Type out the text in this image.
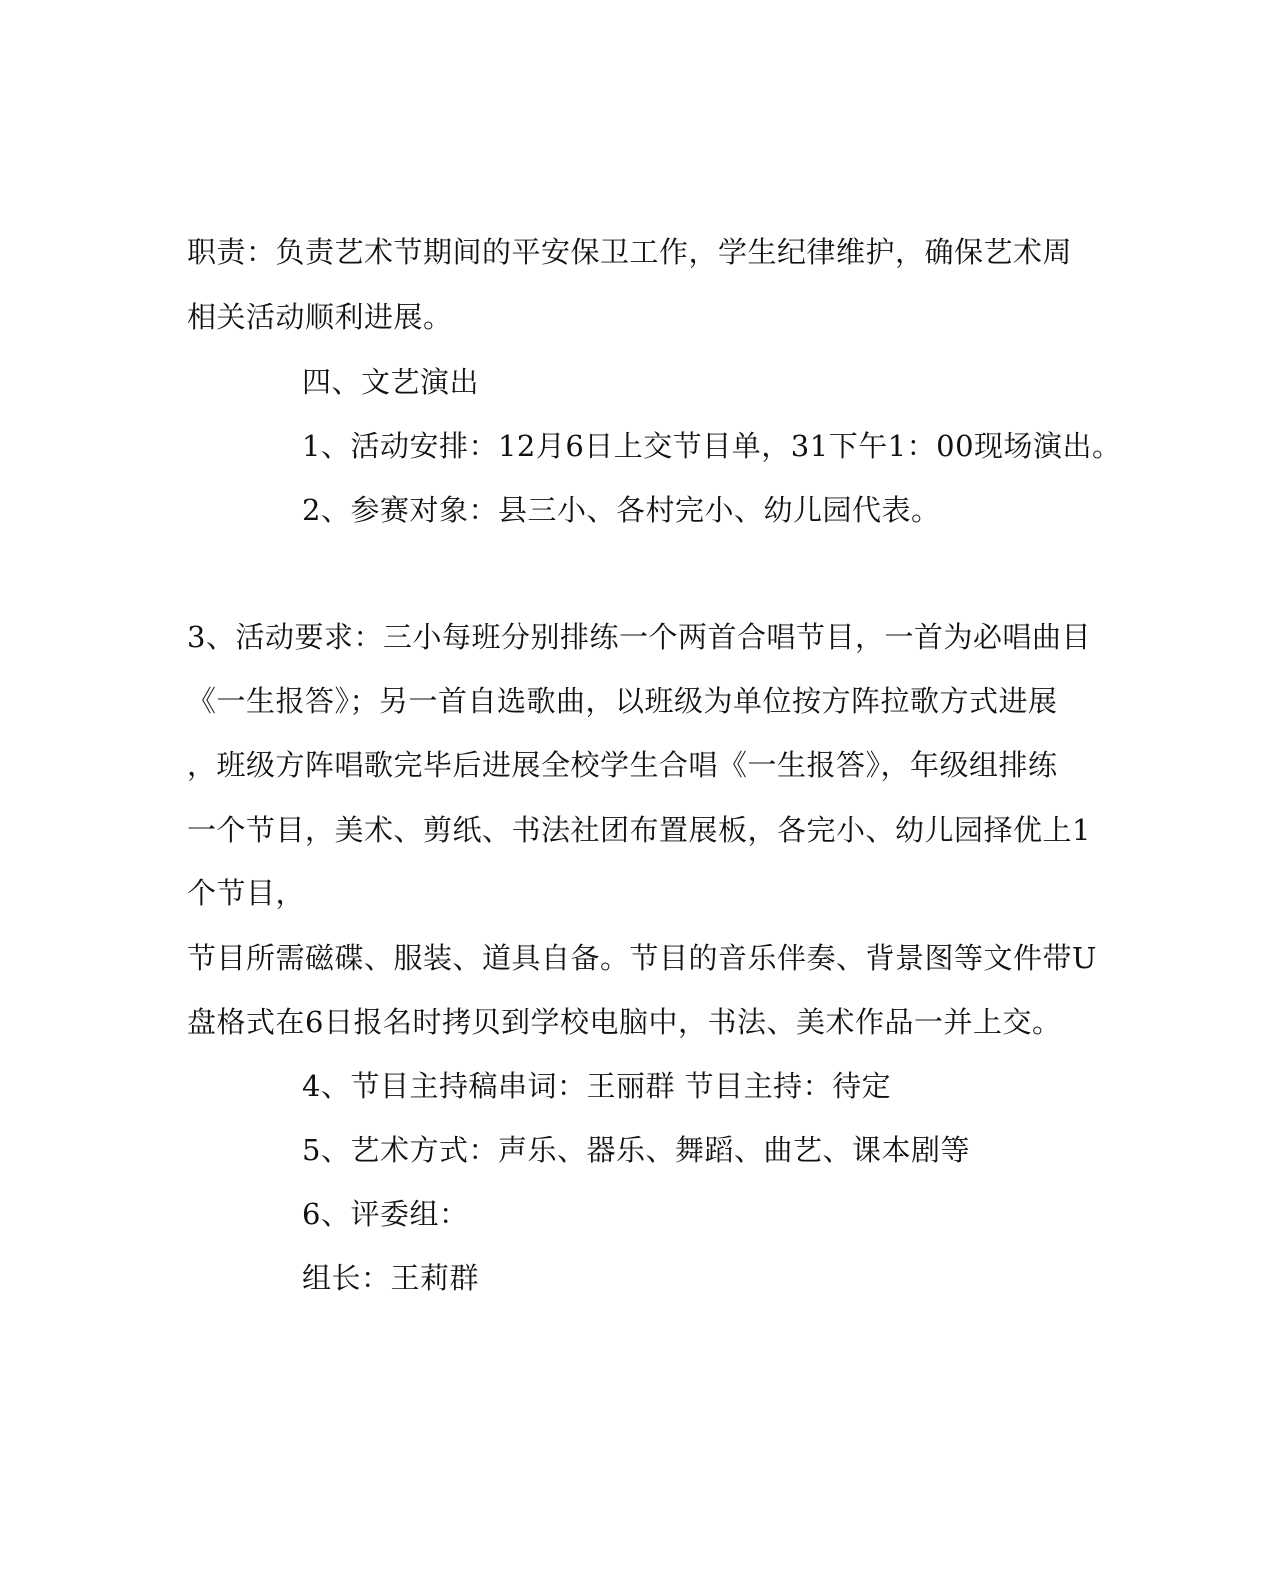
职责：负责艺术节期间的平安保卫工作，学生纪律维护，确保艺术周
相关活动顺利进展。
四、文艺演出
1、活动安排：12月6日上交节目单，31下午1：00现场演出。
2、参赛对象：县三小、各村完小、幼儿园代表。
3、活动要求：三小每班分别排练一个两首合唱节目，一首为必唱曲目
《一生报答》；另一首自选歌曲，以班级为单位按方阵拉歌方式进展
，班级方阵唱歌完毕后进展全校学生合唱《一生报答》，年级组排练
一个节目，美术、剪纸、书法社团布置展板，各完小、幼儿园择优上1
个节目，
节目所需磁碟、服装、道具自备。节目的音乐伴奏、背景图等文件带U
盘格式在6日报名时拷贝到学校电脑中，书法、美术作品一并上交。
4、节目主持稿串词：王丽群 节目主持：待定
5、艺术方式：声乐、器乐、舞蹈、曲艺、课本剧等
6、评委组：
组长：王莉群
